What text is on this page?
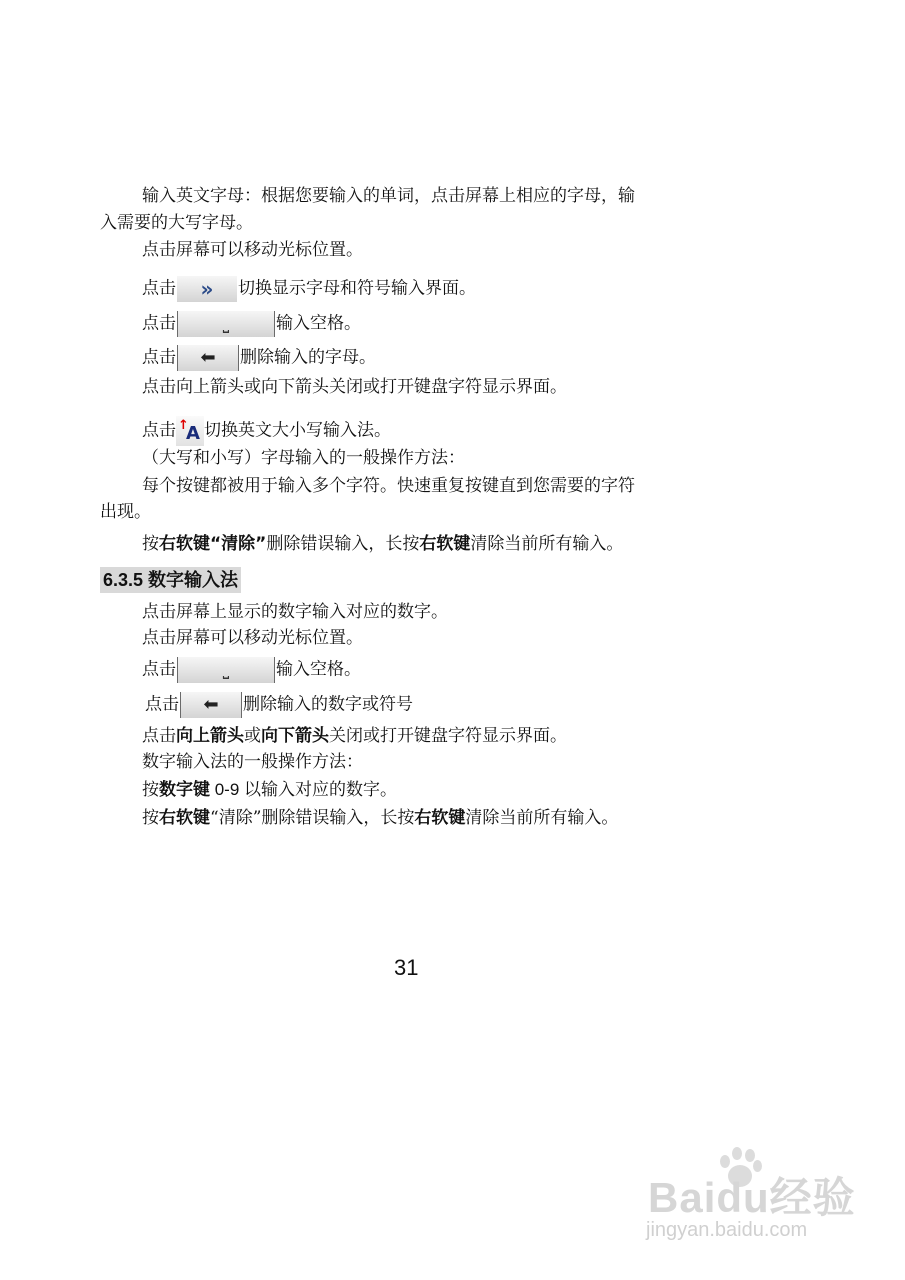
输入英文字母：根据您要输入的单词，点击屏幕上相应的字母，输
入需要的大写字母。
点击屏幕可以移动光标位置。
点击 » 切换显示字母和符号输入界面。
点击	⎵	输入空格。
点击 ⬅ 删除输入的字母。
点击向上箭头或向下箭头关闭或打开键盘字符显示界面。
点击 ↑
A 切换英文大小写输入法。
（大写和小写）字母输入的一般操作方法：
每个按键都被用于输入多个字符。快速重复按键直到您需要的字符
出现。
按右软键“清除”删除错误输入，长按右软键清除当前所有输入。
6.3.5 数字输入法
点击屏幕上显示的数字输入对应的数字。
点击屏幕可以移动光标位置。
点击	⎵	输入空格。
点击 ⬅ 删除输入的数字或符号
点击向上箭头或向下箭头关闭或打开键盘字符显示界面。
数字输入法的一般操作方法：
按数字键 0-9 以输入对应的数字。
按右软键“清除”删除错误输入，长按右软键清除当前所有输入。
31
Baidu经验
jingyan.baidu.com
